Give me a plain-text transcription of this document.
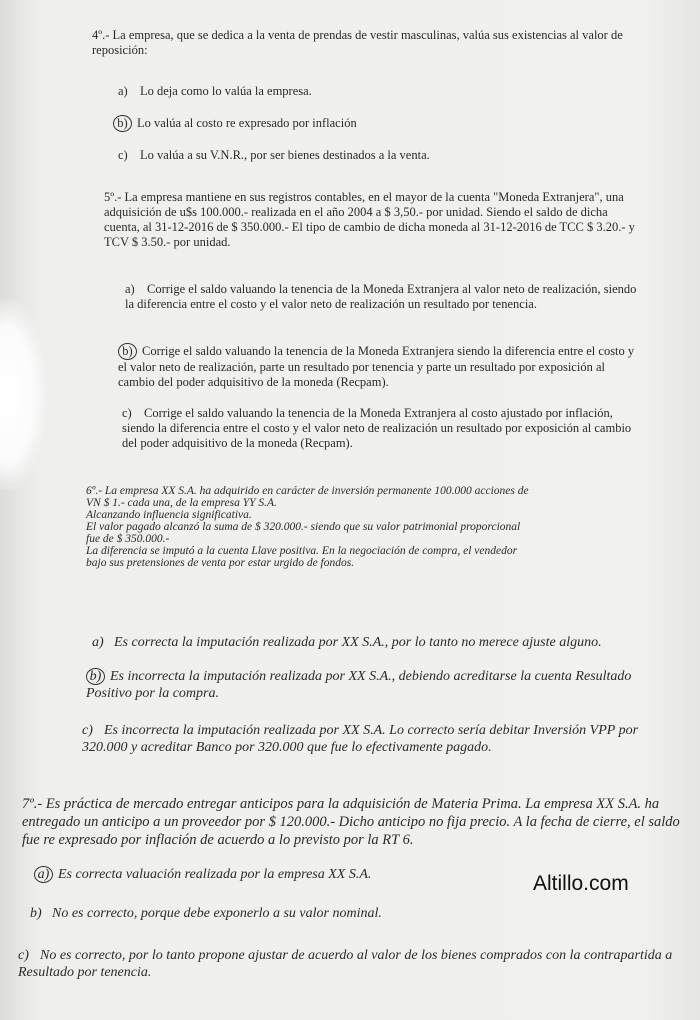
4º.- La empresa, que se dedica a la venta de prendas de vestir masculinas, valúa sus existencias al valor de reposición:
a) Lo deja como lo valúa la empresa.
b) Lo valúa al costo re expresado por inflación
c) Lo valúa a su V.N.R., por ser bienes destinados a la venta.
5º.- La empresa mantiene en sus registros contables, en el mayor de la cuenta "Moneda Extranjera", una adquisición de u$s 100.000.- realizada en el año 2004 a $ 3,50.- por unidad. Siendo el saldo de dicha cuenta, al 31-12-2016 de $ 350.000.- El tipo de cambio de dicha moneda al 31-12-2016 de TCC $ 3.20.- y TCV $ 3.50.- por unidad.
a) Corrige el saldo valuando la tenencia de la Moneda Extranjera al valor neto de realización, siendo la diferencia entre el costo y el valor neto de realización un resultado por tenencia.
b) Corrige el saldo valuando la tenencia de la Moneda Extranjera siendo la diferencia entre el costo y el valor neto de realización, parte un resultado por tenencia y parte un resultado por exposición al cambio del poder adquisitivo de la moneda (Recpam).
c) Corrige el saldo valuando la tenencia de la Moneda Extranjera al costo ajustado por inflación, siendo la diferencia entre el costo y el valor neto de realización un resultado por exposición al cambio del poder adquisitivo de la moneda (Recpam).
6º.- La empresa XX S.A. ha adquirido en carácter de inversión permanente 100.000 acciones de
VN $ 1.- cada una, de la empresa YY S.A.
Alcanzando influencia significativa.
El valor pagado alcanzó la suma de $ 320.000.- siendo que su valor patrimonial proporcional
fue de $ 350.000.-
La diferencia se imputó a la cuenta Llave positiva. En la negociación de compra, el vendedor
bajo sus pretensiones de venta por estar urgido de fondos.
a) Es correcta la imputación realizada por XX S.A., por lo tanto no merece ajuste alguno.
b) Es incorrecta la imputación realizada por XX S.A., debiendo acreditarse la cuenta Resultado Positivo por la compra.
c) Es incorrecta la imputación realizada por XX S.A. Lo correcto sería debitar Inversión VPP por 320.000 y acreditar Banco por 320.000 que fue lo efectivamente pagado.
7º.- Es práctica de mercado entregar anticipos para la adquisición de Materia Prima. La empresa XX S.A. ha entregado un anticipo a un proveedor por $ 120.000.- Dicho anticipo no fija precio. A la fecha de cierre, el saldo fue re expresado por inflación de acuerdo a lo previsto por la RT 6.
a) Es correcta valuación realizada por la empresa XX S.A.
b) No es correcto, porque debe exponerlo a su valor nominal.
c) No es correcto, por lo tanto propone ajustar de acuerdo al valor de los bienes comprados con la contrapartida a Resultado por tenencia.
Altillo.com
